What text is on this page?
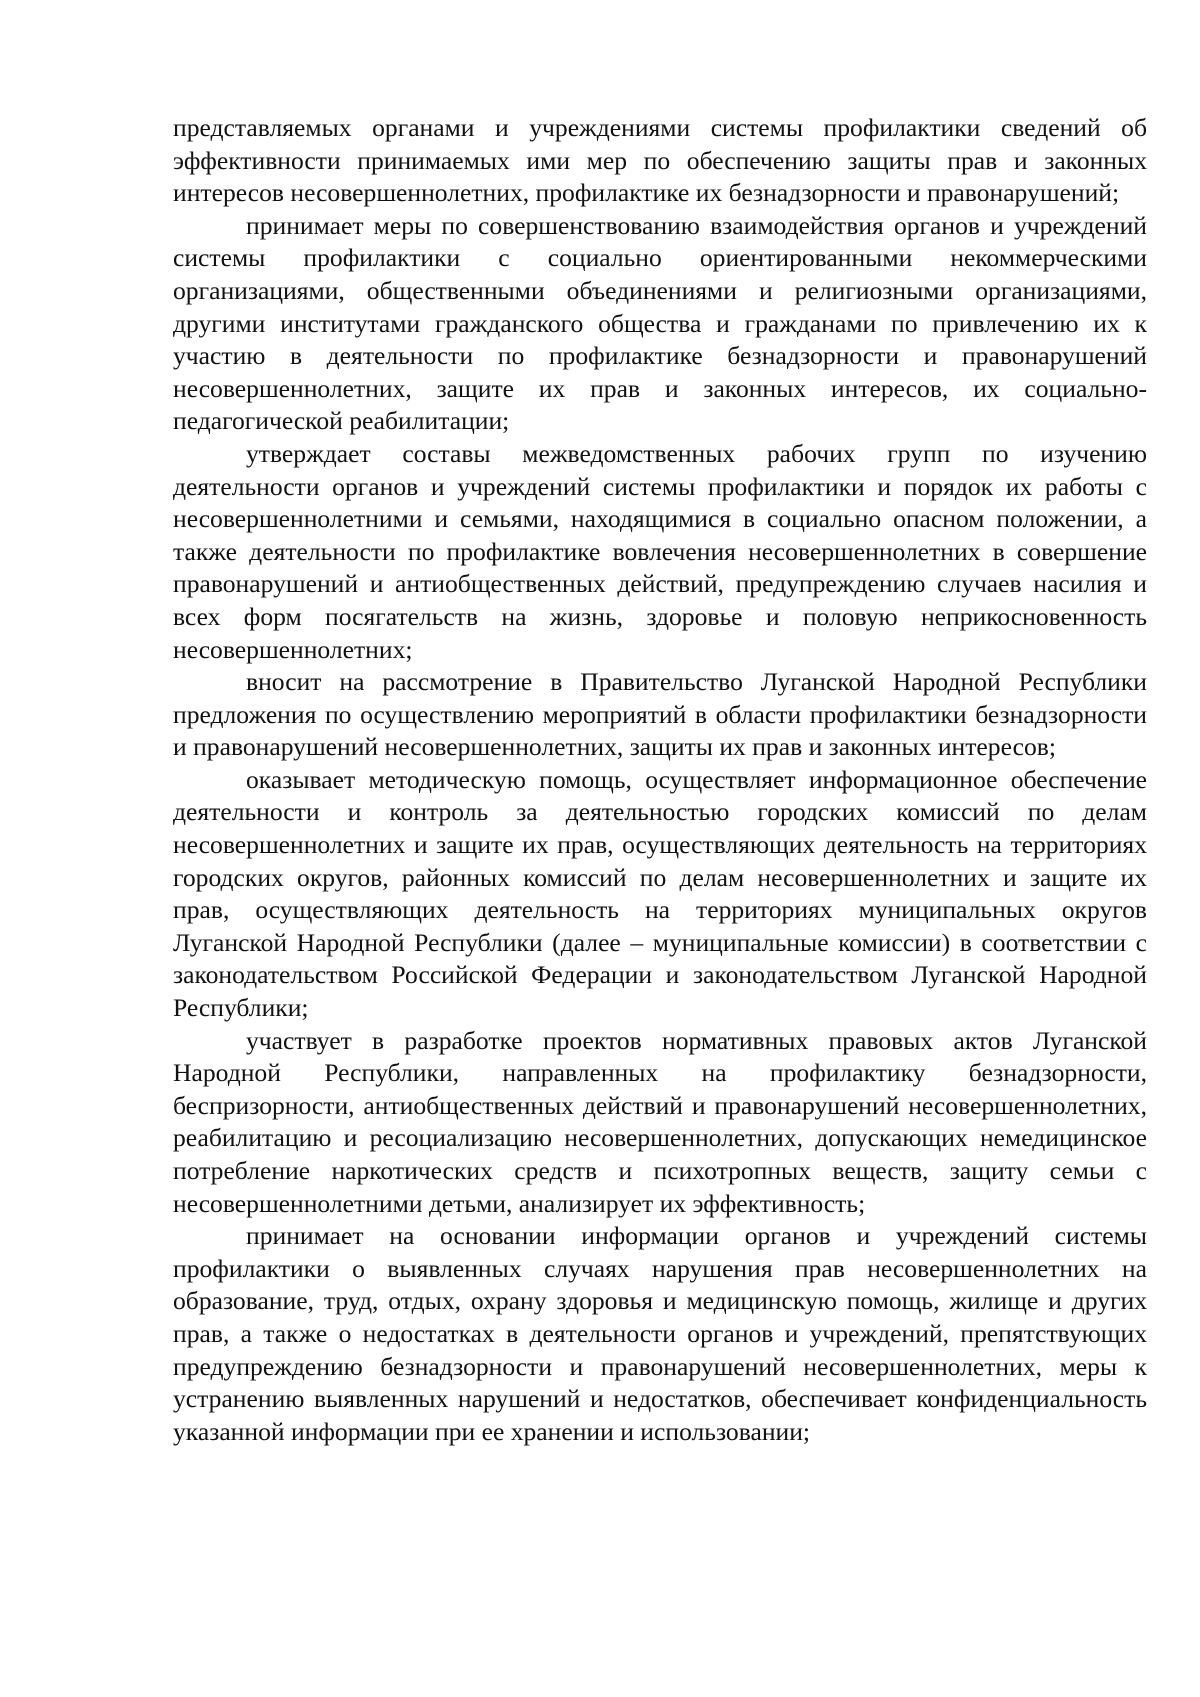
представляемых органами и учреждениями системы профилактики сведений об эффективности принимаемых ими мер по обеспечению защиты прав и законных интересов несовершеннолетних, профилактике их безнадзорности и правонарушений;

принимает меры по совершенствованию взаимодействия органов и учреждений системы профилактики с социально ориентированными некоммерческими организациями, общественными объединениями и религиозными организациями, другими институтами гражданского общества и гражданами по привлечению их к участию в деятельности по профилактике безнадзорности и правонарушений несовершеннолетних, защите их прав и законных интересов, их социально-педагогической реабилитации;

утверждает составы межведомственных рабочих групп по изучению деятельности органов и учреждений системы профилактики и порядок их работы с несовершеннолетними и семьями, находящимися в социально опасном положении, а также деятельности по профилактике вовлечения несовершеннолетних в совершение правонарушений и антиобщественных действий, предупреждению случаев насилия и всех форм посягательств на жизнь, здоровье и половую неприкосновенность несовершеннолетних;

вносит на рассмотрение в Правительство Луганской Народной Республики предложения по осуществлению мероприятий в области профилактики безнадзорности и правонарушений несовершеннолетних, защиты их прав и законных интересов;

оказывает методическую помощь, осуществляет информационное обеспечение деятельности и контроль за деятельностью городских комиссий по делам несовершеннолетних и защите их прав, осуществляющих деятельность на территориях городских округов, районных комиссий по делам несовершеннолетних и защите их прав, осуществляющих деятельность на территориях муниципальных округов Луганской Народной Республики (далее – муниципальные комиссии) в соответствии с законодательством Российской Федерации и законодательством Луганской Народной Республики;

участвует в разработке проектов нормативных правовых актов Луганской Народной Республики, направленных на профилактику безнадзорности, беспризорности, антиобщественных действий и правонарушений несовершеннолетних, реабилитацию и ресоциализацию несовершеннолетних, допускающих немедицинское потребление наркотических средств и психотропных веществ, защиту семьи с несовершеннолетними детьми, анализирует их эффективность;

принимает на основании информации органов и учреждений системы профилактики о выявленных случаях нарушения прав несовершеннолетних на образование, труд, отдых, охрану здоровья и медицинскую помощь, жилище и других прав, а также о недостатках в деятельности органов и учреждений, препятствующих предупреждению безнадзорности и правонарушений несовершеннолетних, меры к устранению выявленных нарушений и недостатков, обеспечивает конфиденциальность указанной информации при ее хранении и использовании;
